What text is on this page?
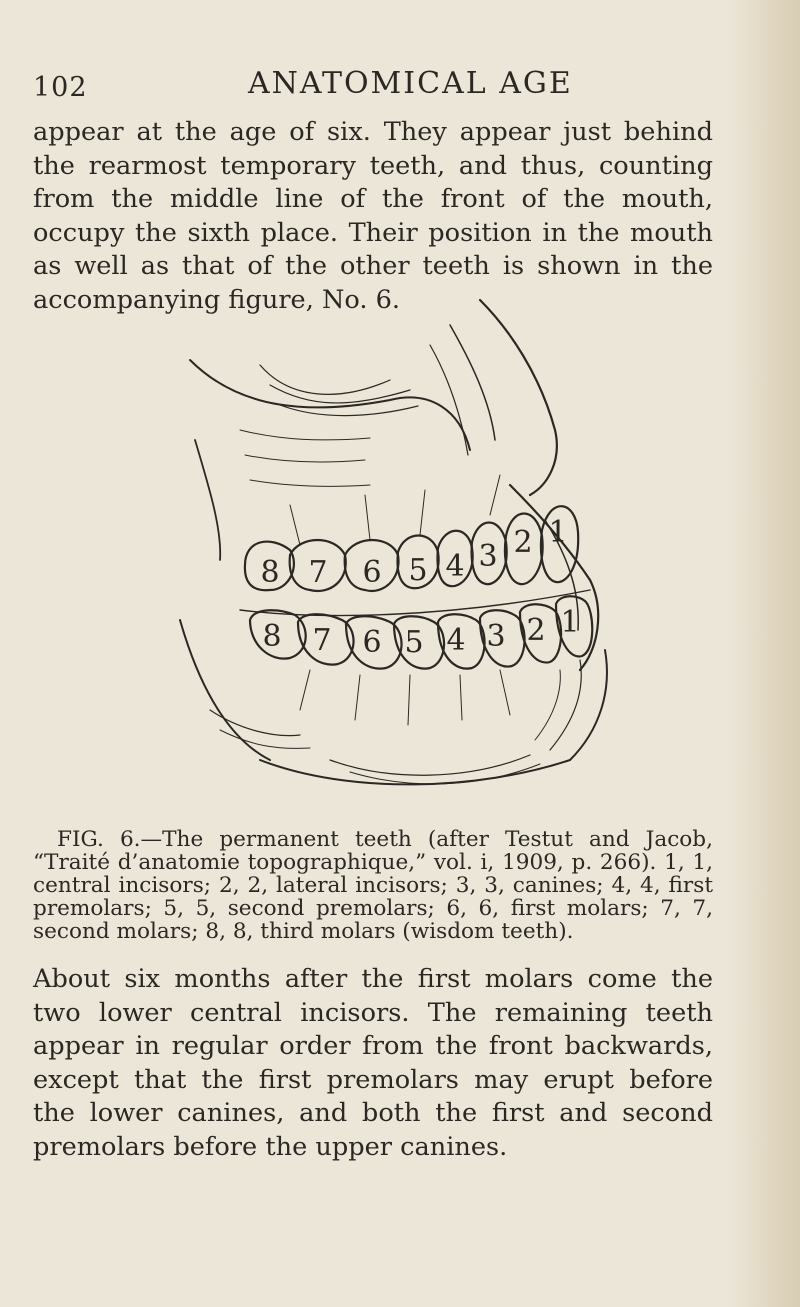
102	ANATOMICAL AGE

appear at the age of six. They appear just behind the rearmost temporary teeth, and thus, counting from the middle line of the front of the mouth, occupy the sixth place. Their position in the mouth as well as that of the other teeth is shown in the accompanying figure, No. 6.

8 7 6 5 4 3 2 1
8 7 6 5 4 3 2 1

FIG. 6.—The permanent teeth (after Testut and Jacob, “Traité d’anatomie topographique,” vol. i, 1909, p. 266). 1, 1, central incisors; 2, 2, lateral incisors; 3, 3, canines; 4, 4, first premolars; 5, 5, second premolars; 6, 6, first molars; 7, 7, second molars; 8, 8, third molars (wisdom teeth).

About six months after the first molars come the two lower central incisors. The remaining teeth appear in regular order from the front backwards, except that the first premolars may erupt before the lower canines, and both the first and second premolars before the upper canines.
